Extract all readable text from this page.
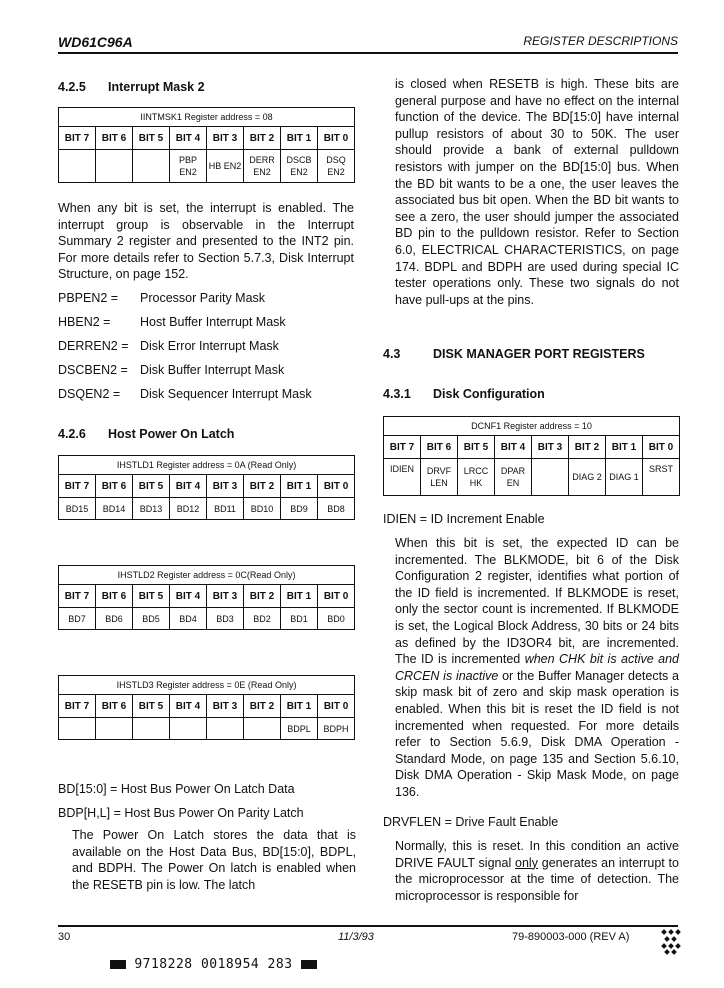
WD61C96A	REGISTER DESCRIPTIONS
4.2.5 Interrupt Mask 2
IINTMSK1 Register address = 08							
BIT 7	BIT 6	BIT 5	BIT 4	BIT 3	BIT 2	BIT 1	BIT 0
			PBP EN2	HB EN2	DERR EN2	DSCB EN2	DSQ EN2
When any bit is set, the interrupt is enabled. The interrupt group is observable in the Interrupt Summary 2 register and presented to the INT2 pin. For more details refer to Section 5.7.3, Disk Interrupt Structure, on page 152.
PBPEN2 = Processor Parity Mask
HBEN2 = Host Buffer Interrupt Mask
DERREN2 = Disk Error Interrupt Mask
DSCBEN2 = Disk Buffer Interrupt Mask
DSQEN2 = Disk Sequencer Interrupt Mask
4.2.6 Host Power On Latch
IHSTLD1 Register address = 0A (Read Only)							
BIT 7	BIT 6	BIT 5	BIT 4	BIT 3	BIT 2	BIT 1	BIT 0
BD15	BD14	BD13	BD12	BD11	BD10	BD9	BD8
IHSTLD2 Register address = 0C(Read Only)							
BIT 7	BIT 6	BIT 5	BIT 4	BIT 3	BIT 2	BIT 1	BIT 0
BD7	BD6	BD5	BD4	BD3	BD2	BD1	BD0
IHSTLD3 Register address = 0E (Read Only)							
BIT 7	BIT 6	BIT 5	BIT 4	BIT 3	BIT 2	BIT 1	BIT 0
						BDPL	BDPH
BD[15:0] = Host Bus Power On Latch Data
BDP[H,L] = Host Bus Power On Parity Latch
The Power On Latch stores the data that is available on the Host Data Bus, BD[15:0], BDPL, and BDPH. The Power On latch is enabled when the RESETB pin is low. The latch
is closed when RESETB is high. These bits are general purpose and have no effect on the internal function of the device. The BD[15:0] have internal pullup resistors of about 30 to 50K. The user should provide a bank of external pulldown resistors with jumper on the BD[15:0] bus. When the BD bit wants to be a one, the user leaves the associated bus bit open. When the BD bit wants to see a zero, the user should jumper the associated BD pin to the pulldown resistor. Refer to Section 6.0, ELECTRICAL CHARACTERISTICS, on page 174. BDPL and BDPH are used during special IC tester operations only. These two signals do not have pull-ups at the pins.
4.3	DISK MANAGER PORT REGISTERS
4.3.1 Disk Configuration
DCNF1 Register address = 10							
BIT 7	BIT 6	BIT 5	BIT 4	BIT 3	BIT 2	BIT 1	BIT 0
IDIEN	DRVF LEN	LRCC HK	DPAR EN		DIAG 2	DIAG 1	SRST
IDIEN = ID Increment Enable
When this bit is set, the expected ID can be incremented. The BLKMODE, bit 6 of the Disk Configuration 2 register, identifies what portion of the ID field is incremented. If BLKMODE is reset, only the sector count is incremented. If BLKMODE is set, the Logical Block Address, 30 bits or 24 bits as defined by the ID3OR4 bit, are incremented. The ID is incremented when CHK bit is active and CRCEN is inactive or the Buffer Manager detects a skip mask bit of zero and skip mask operation is enabled. When this bit is reset the ID field is not incremented when requested. For more details refer to Section 5.6.9, Disk DMA Operation - Standard Mode, on page 135 and Section 5.6.10, Disk DMA Operation - Skip Mask Mode, on page 136.
DRVFLEN = Drive Fault Enable
Normally, this is reset. In this condition an active DRIVE FAULT signal only generates an interrupt to the microprocessor at the time of detection. The microprocessor is responsible for
30	11/3/93	79-890003-000 (REV A)
9718228 0018954 283
